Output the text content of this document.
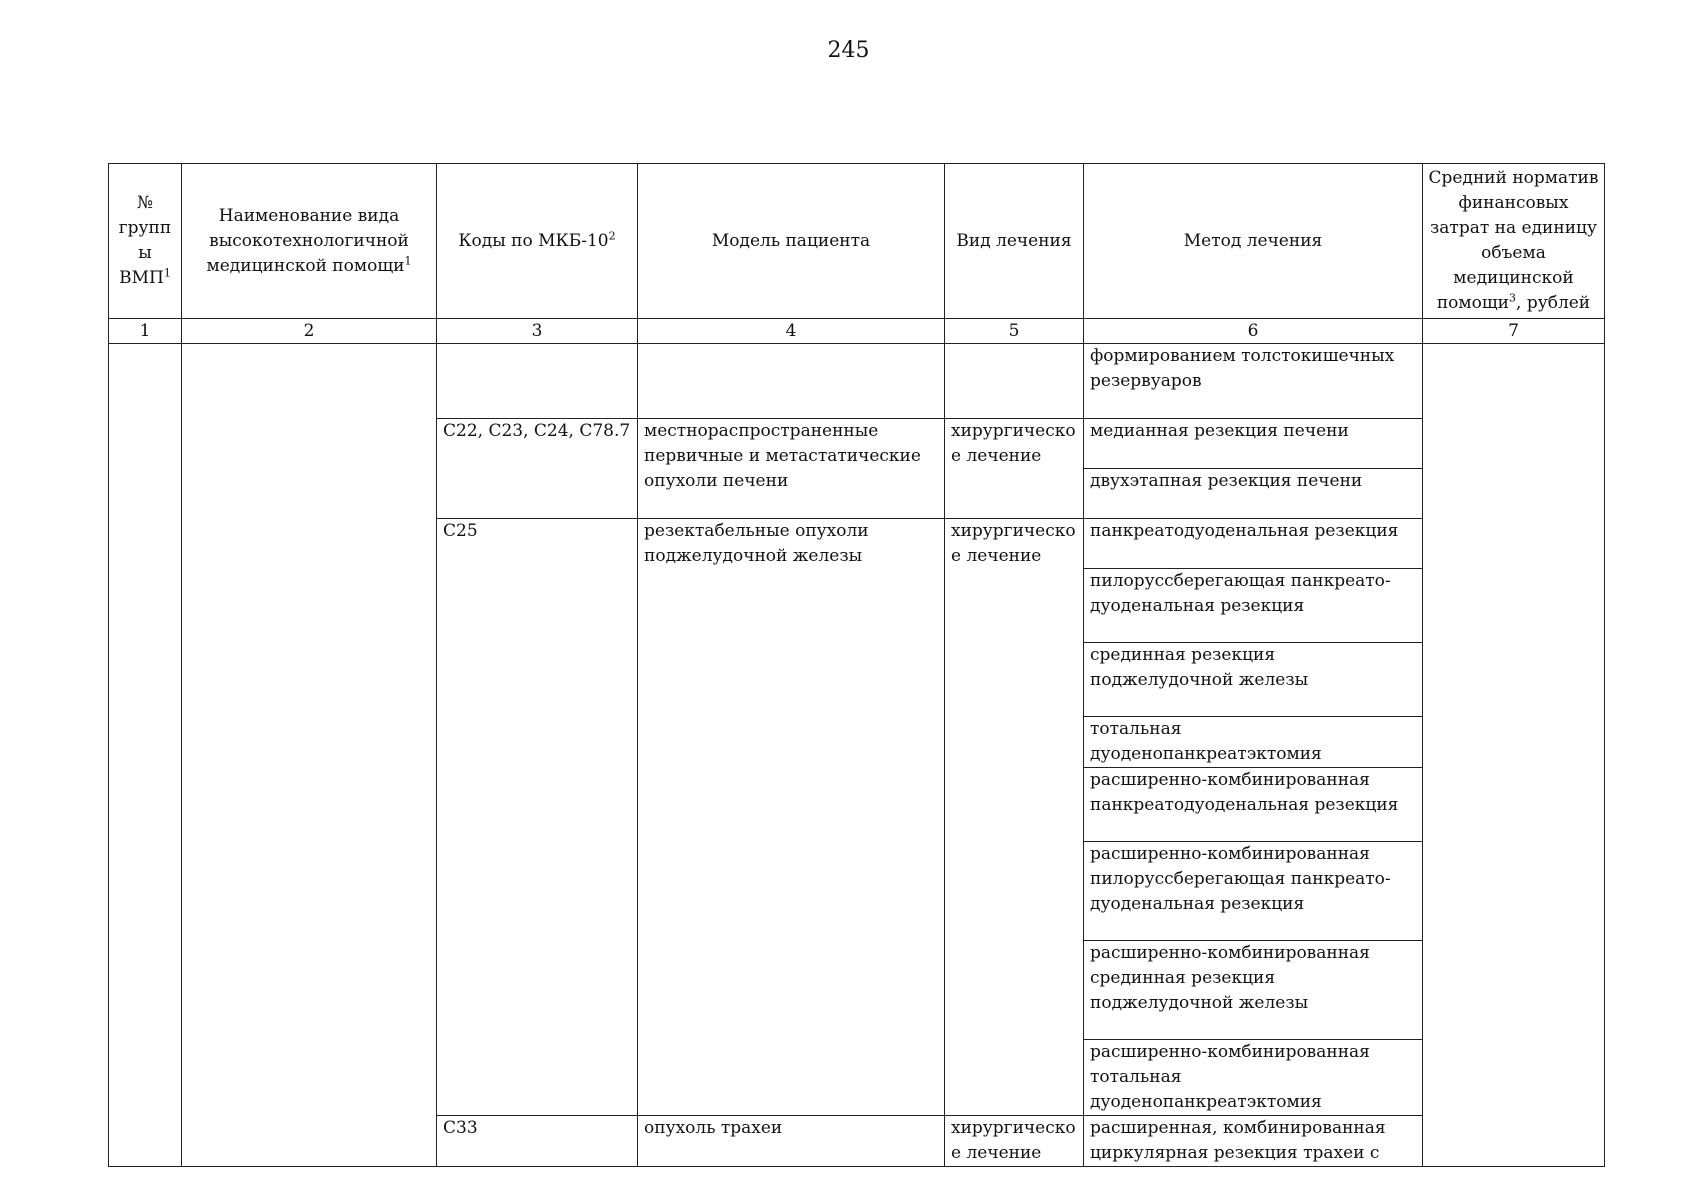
245
№ групп ы ВМП$^1$	Наименование вида высокотехнологичной медицинской помощи$^1$	Коды по МКБ-$10^2$	Модель пациента	Вид лечения	Метод лечения	Средний норматив финансовых затрат на единицу объема медицинской помощи$^3$, рублей
1	2	3	4	5	6	7
					формированием толстокишечных резервуаров	
		C22, C23, C24, C78.7	местнораспространенные первичные и метастатические опухоли печени	хирургическо е лечение	медианная резекция печени	
					двухэтапная резекция печени	
		C25	резектабельные опухоли поджелудочной железы	хирургическо е лечение	панкреатодуоденальная резекция	
					пилоруссберегающая панкреато-дуоденальная резекция	
					срединная резекция поджелудочной железы	
					тотальная дуоденопанкреатэктомия	
					расширенно-комбинированная панкреатодуоденальная резекция	
					расширенно-комбинированная пилоруссберегающая панкреато-дуоденальная резекция	
					расширенно-комбинированная срединная резекция поджелудочной железы	
					расширенно-комбинированная тотальная дуоденопанкреатэктомия	
		C33	опухоль трахеи	хирургическо е лечение	расширенная, комбинированная циркулярная резекция трахеи с	
